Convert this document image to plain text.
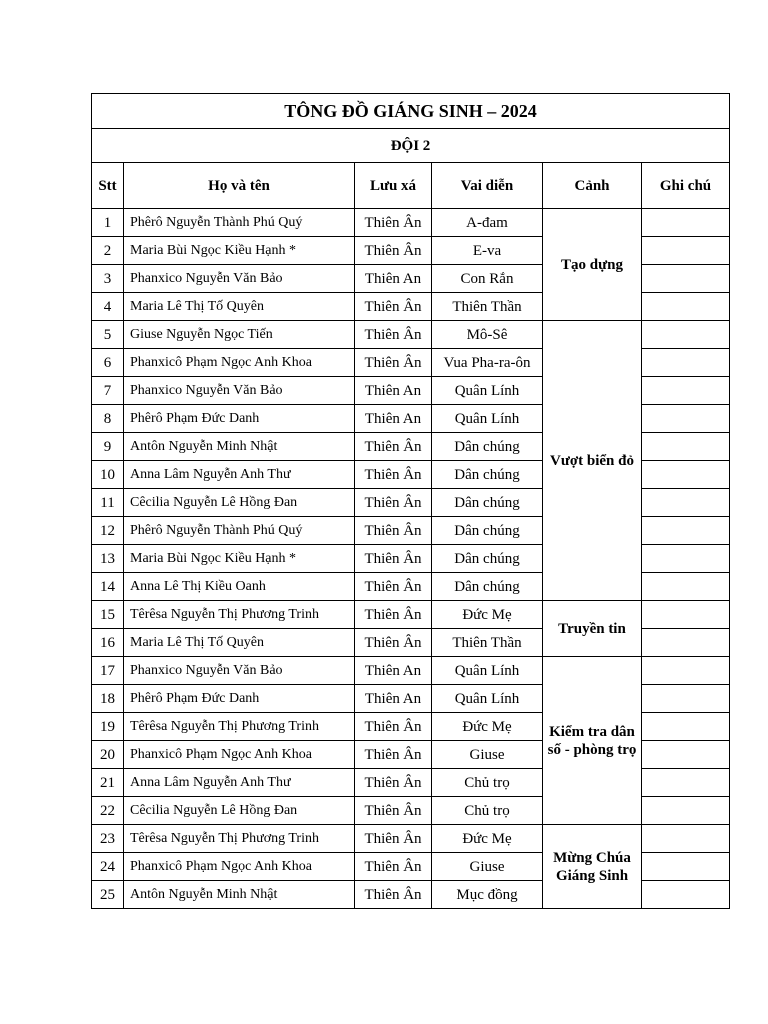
TÔNG ĐỒ GIÁNG SINH – 2024					
ĐỘI 2					
Stt	Họ và tên	Lưu xá	Vai diễn	Cảnh	Ghi chú
1	Phêrô Nguyễn Thành Phú Quý	Thiên Ân	A-đam	Tạo dựng	
2	Maria Bùi Ngọc Kiều Hạnh *	Thiên Ân	E-va		
3	Phanxico Nguyễn Văn Bảo	Thiên An	Con Rắn		
4	Maria Lê Thị Tố Quyên	Thiên Ân	Thiên Thần		
5	Giuse Nguyễn Ngọc Tiến	Thiên Ân	Mô-Sê	Vượt biển đỏ	
6	Phanxicô Phạm Ngọc Anh Khoa	Thiên Ân	Vua Pha-ra-ôn		
7	Phanxico Nguyễn Văn Bảo	Thiên An	Quân Lính		
8	Phêrô Phạm Đức Danh	Thiên An	Quân Lính		
9	Antôn Nguyễn Minh Nhật	Thiên Ân	Dân chúng		
10	Anna Lâm Nguyễn Anh Thư	Thiên Ân	Dân chúng		
11	Cêcilia Nguyễn Lê Hồng Đan	Thiên Ân	Dân chúng		
12	Phêrô Nguyễn Thành Phú Quý	Thiên Ân	Dân chúng		
13	Maria Bùi Ngọc Kiều Hạnh *	Thiên Ân	Dân chúng		
14	Anna Lê Thị Kiều Oanh	Thiên Ân	Dân chúng		
15	Têrêsa Nguyễn Thị Phương Trinh	Thiên Ân	Đức Mẹ	Truyền tin	
16	Maria Lê Thị Tố Quyên	Thiên Ân	Thiên Thần		
17	Phanxico Nguyễn Văn Bảo	Thiên An	Quân Lính	Kiểm tra dân số - phòng trọ	
18	Phêrô Phạm Đức Danh	Thiên An	Quân Lính		
19	Têrêsa Nguyễn Thị Phương Trinh	Thiên Ân	Đức Mẹ		
20	Phanxicô Phạm Ngọc Anh Khoa	Thiên Ân	Giuse		
21	Anna Lâm Nguyễn Anh Thư	Thiên Ân	Chủ trọ		
22	Cêcilia Nguyễn Lê Hồng Đan	Thiên Ân	Chủ trọ		
23	Têrêsa Nguyễn Thị Phương Trinh	Thiên Ân	Đức Mẹ	Mừng Chúa Giáng Sinh	
24	Phanxicô Phạm Ngọc Anh Khoa	Thiên Ân	Giuse		
25	Antôn Nguyễn Minh Nhật	Thiên Ân	Mục đồng		
